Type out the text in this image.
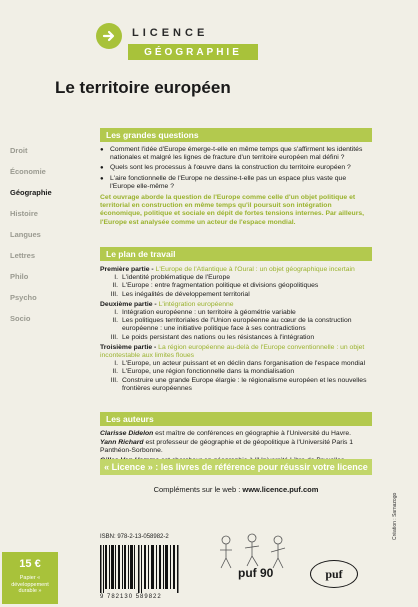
LICENCE
GÉOGRAPHIE
Le territoire européen
Droit
Économie
Géographie
Histoire
Langues
Lettres
Philo
Psycho
Socio
Les grandes questions
● Comment l'idée d'Europe émerge-t-elle en même temps que s'affirment les identités nationales et malgré les lignes de fracture d'un territoire européen mal défini ?
● Quels sont les processus à l'œuvre dans la construction du territoire européen ?
● L'aire fonctionnelle de l'Europe ne dessine-t-elle pas un espace plus vaste que l'Europe elle-même ?
Cet ouvrage aborde la question de l'Europe comme celle d'un objet politique et territorial en construction en même temps qu'il poursuit son intégration économique, politique et sociale en dépit de fortes tensions internes. Par ailleurs, l'Europe est analysée comme un acteur de l'espace mondial.
Le plan de travail
Première partie - L'Europe de l'Atlantique à l'Oural : un objet géographique incertain
I. L'identité problématique de l'Europe
II. L'Europe : entre fragmentation politique et divisions géopolitiques
III. Les inégalités de développement territorial
Deuxième partie - L'intégration européenne
I. Intégration européenne : un territoire à géométrie variable
II. Les politiques territoriales de l'Union européenne au cœur de la construction européenne : une initiative politique face à ses contradictions
III. Le poids persistant des nations ou les résistances à l'intégration
Troisième partie - La région européenne au-delà de l'Europe conventionnelle : un objet incontestable aux limites floues
I. L'Europe, un acteur puissant et en déclin dans l'organisation de l'espace mondial
II. L'Europe, une région fonctionnelle dans la mondialisation
III. Construire une grande Europe élargie : le régionalisme européen et les nouvelles frontières européennes
Les auteurs

Clarisse Didelon est maître de conférences en géographie à l'Université du Havre.

Yann Richard est professeur de géographie et de géopolitique à l'Université Paris 1 Panthéon-Sorbonne.

« Licence » : les livres de référence pour réussir votre licence
Compléments sur le web : www.licence.puf.com
15 €
Papier « développement durable »
ISBN: 978-2-13-058982-2
9 782130 589822
puf 90	puf
Création : Sarnazogo
